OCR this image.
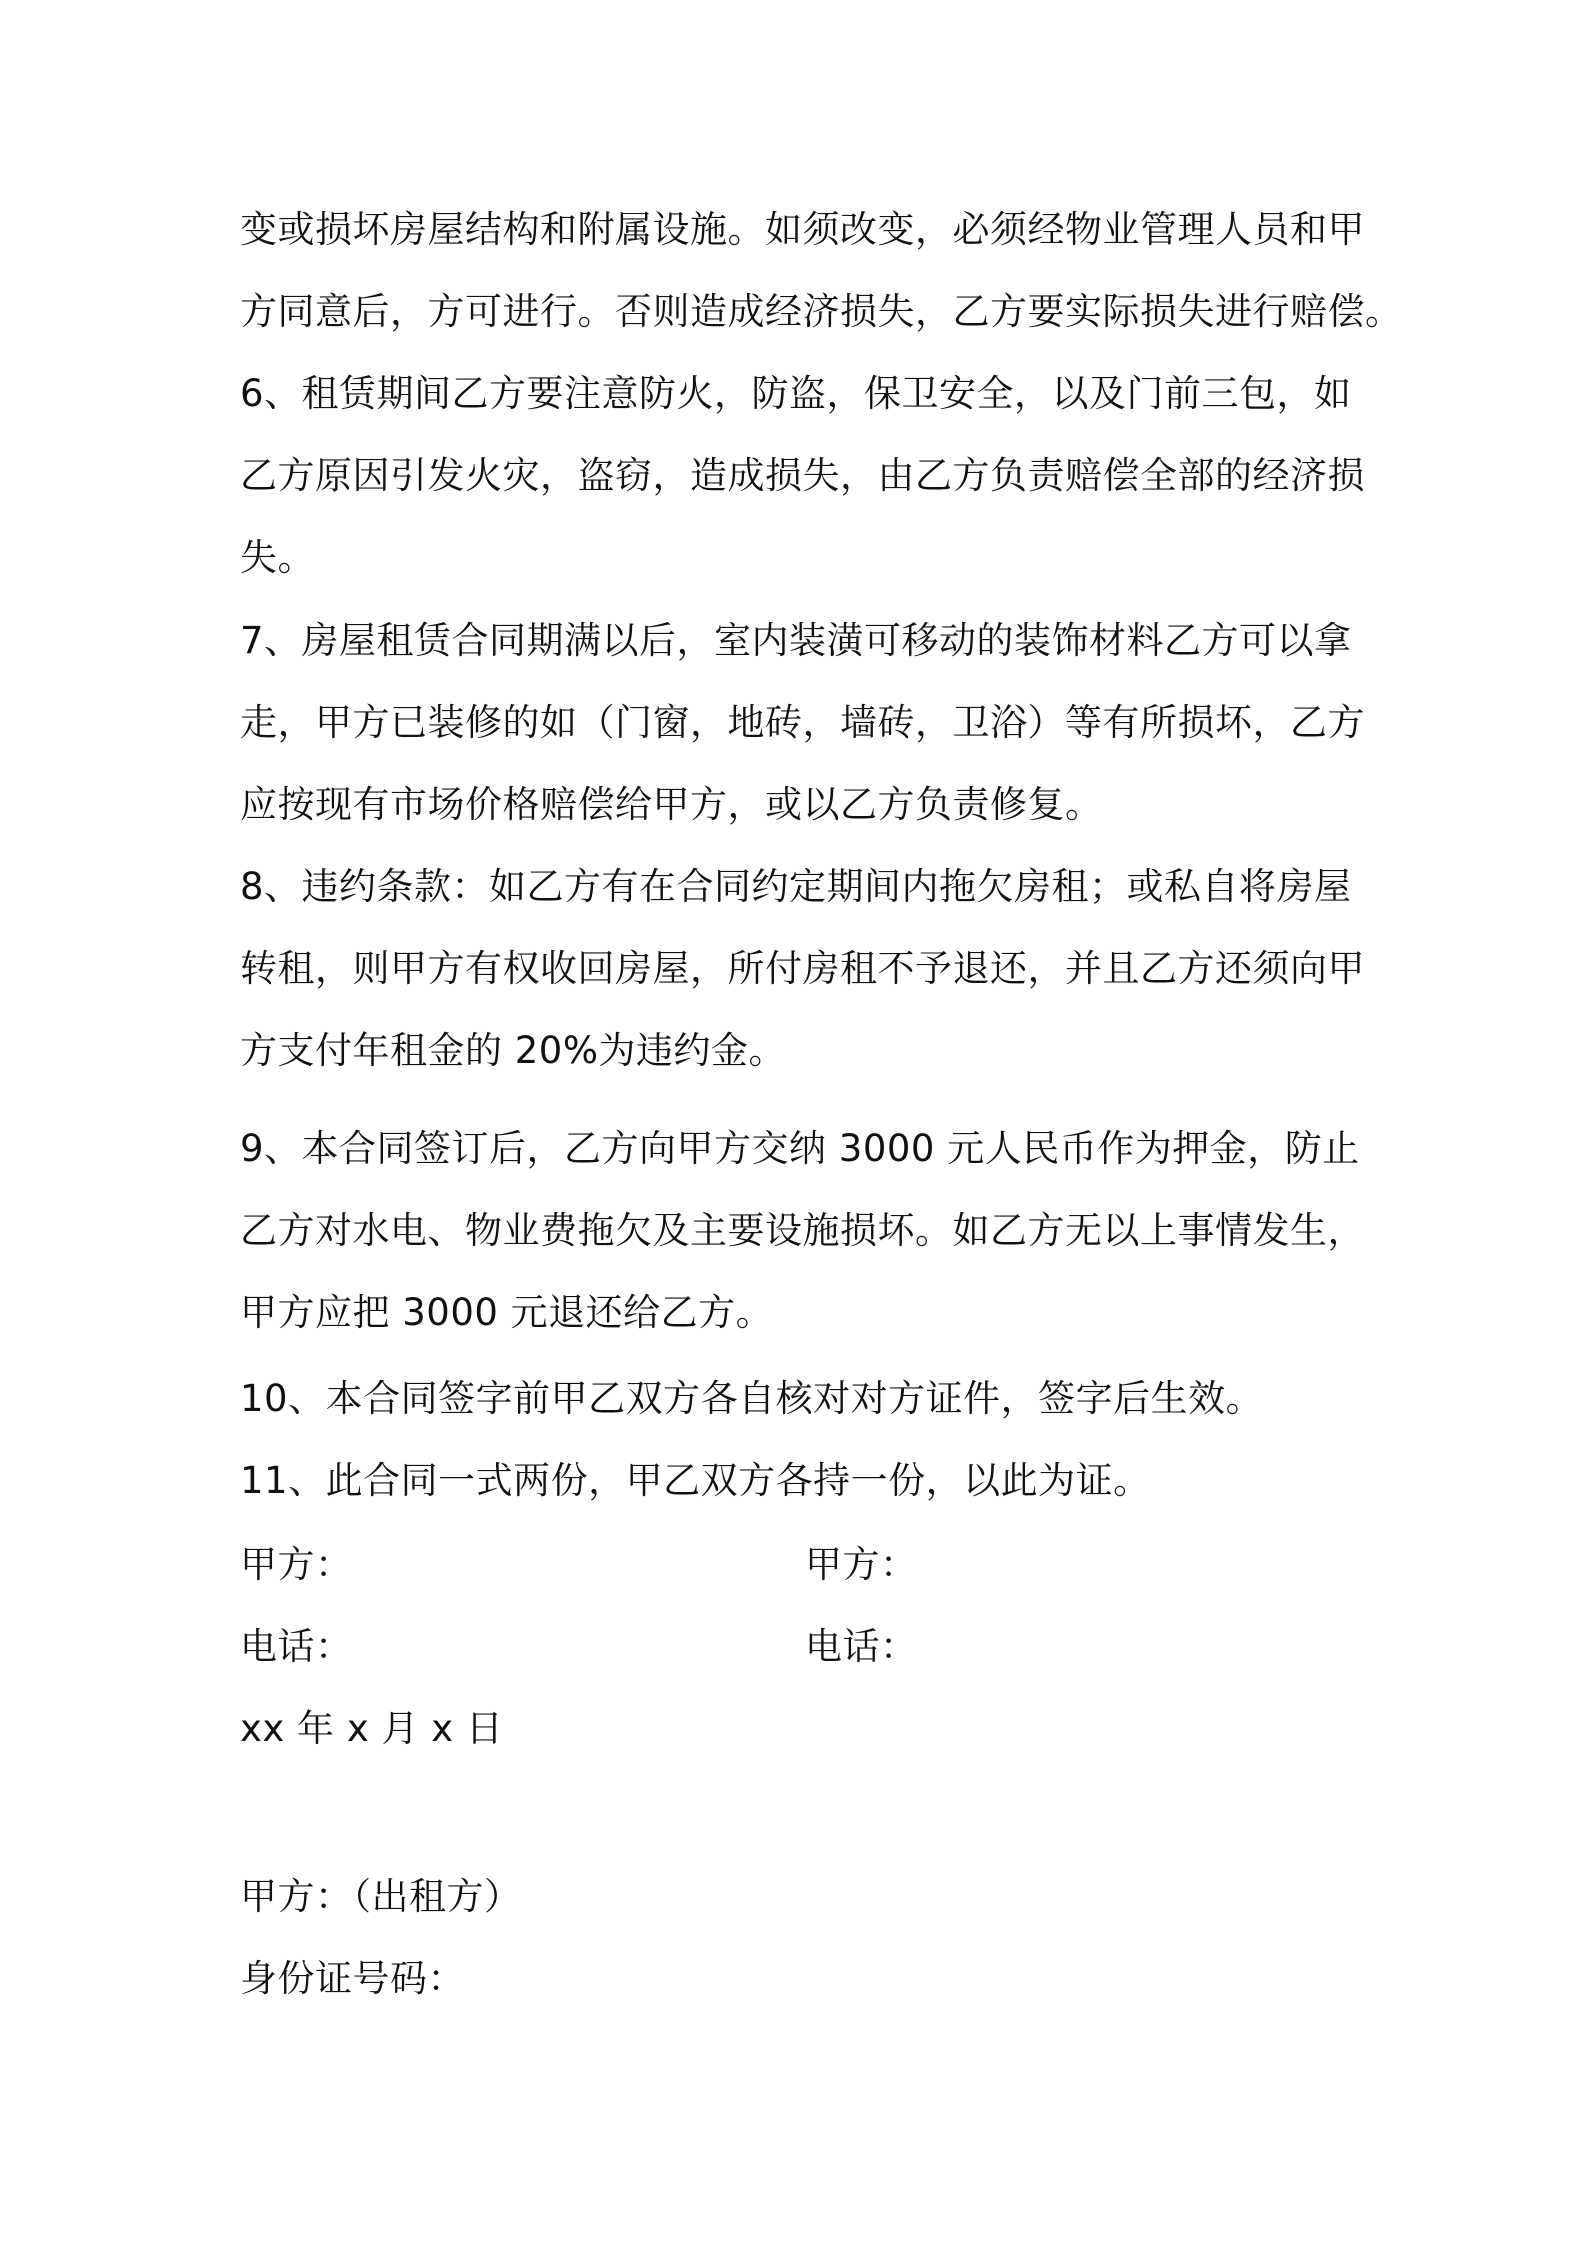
变或损坏房屋结构和附属设施。如须改变，必须经物业管理人员和甲
方同意后，方可进行。否则造成经济损失，乙方要实际损失进行赔偿。
6、租赁期间乙方要注意防火，防盗，保卫安全，以及门前三包，如
乙方原因引发火灾，盗窃，造成损失，由乙方负责赔偿全部的经济损
失。
7、房屋租赁合同期满以后，室内装潢可移动的装饰材料乙方可以拿
走，甲方已装修的如（门窗，地砖，墙砖，卫浴）等有所损坏，乙方
应按现有市场价格赔偿给甲方，或以乙方负责修复。
8、违约条款：如乙方有在合同约定期间内拖欠房租；或私自将房屋
转租，则甲方有权收回房屋，所付房租不予退还，并且乙方还须向甲
方支付年租金的 20%为违约金。
9、本合同签订后，乙方向甲方交纳 3000 元人民币作为押金，防止
乙方对水电、物业费拖欠及主要设施损坏。如乙方无以上事情发生，
甲方应把 3000 元退还给乙方。
10、本合同签字前甲乙双方各自核对对方证件，签字后生效。
11、此合同一式两份，甲乙双方各持一份，以此为证。
甲方：	甲方：
电话：	电话：
xx 年 x 月 x 日
甲方：（出租方）
身份证号码：
